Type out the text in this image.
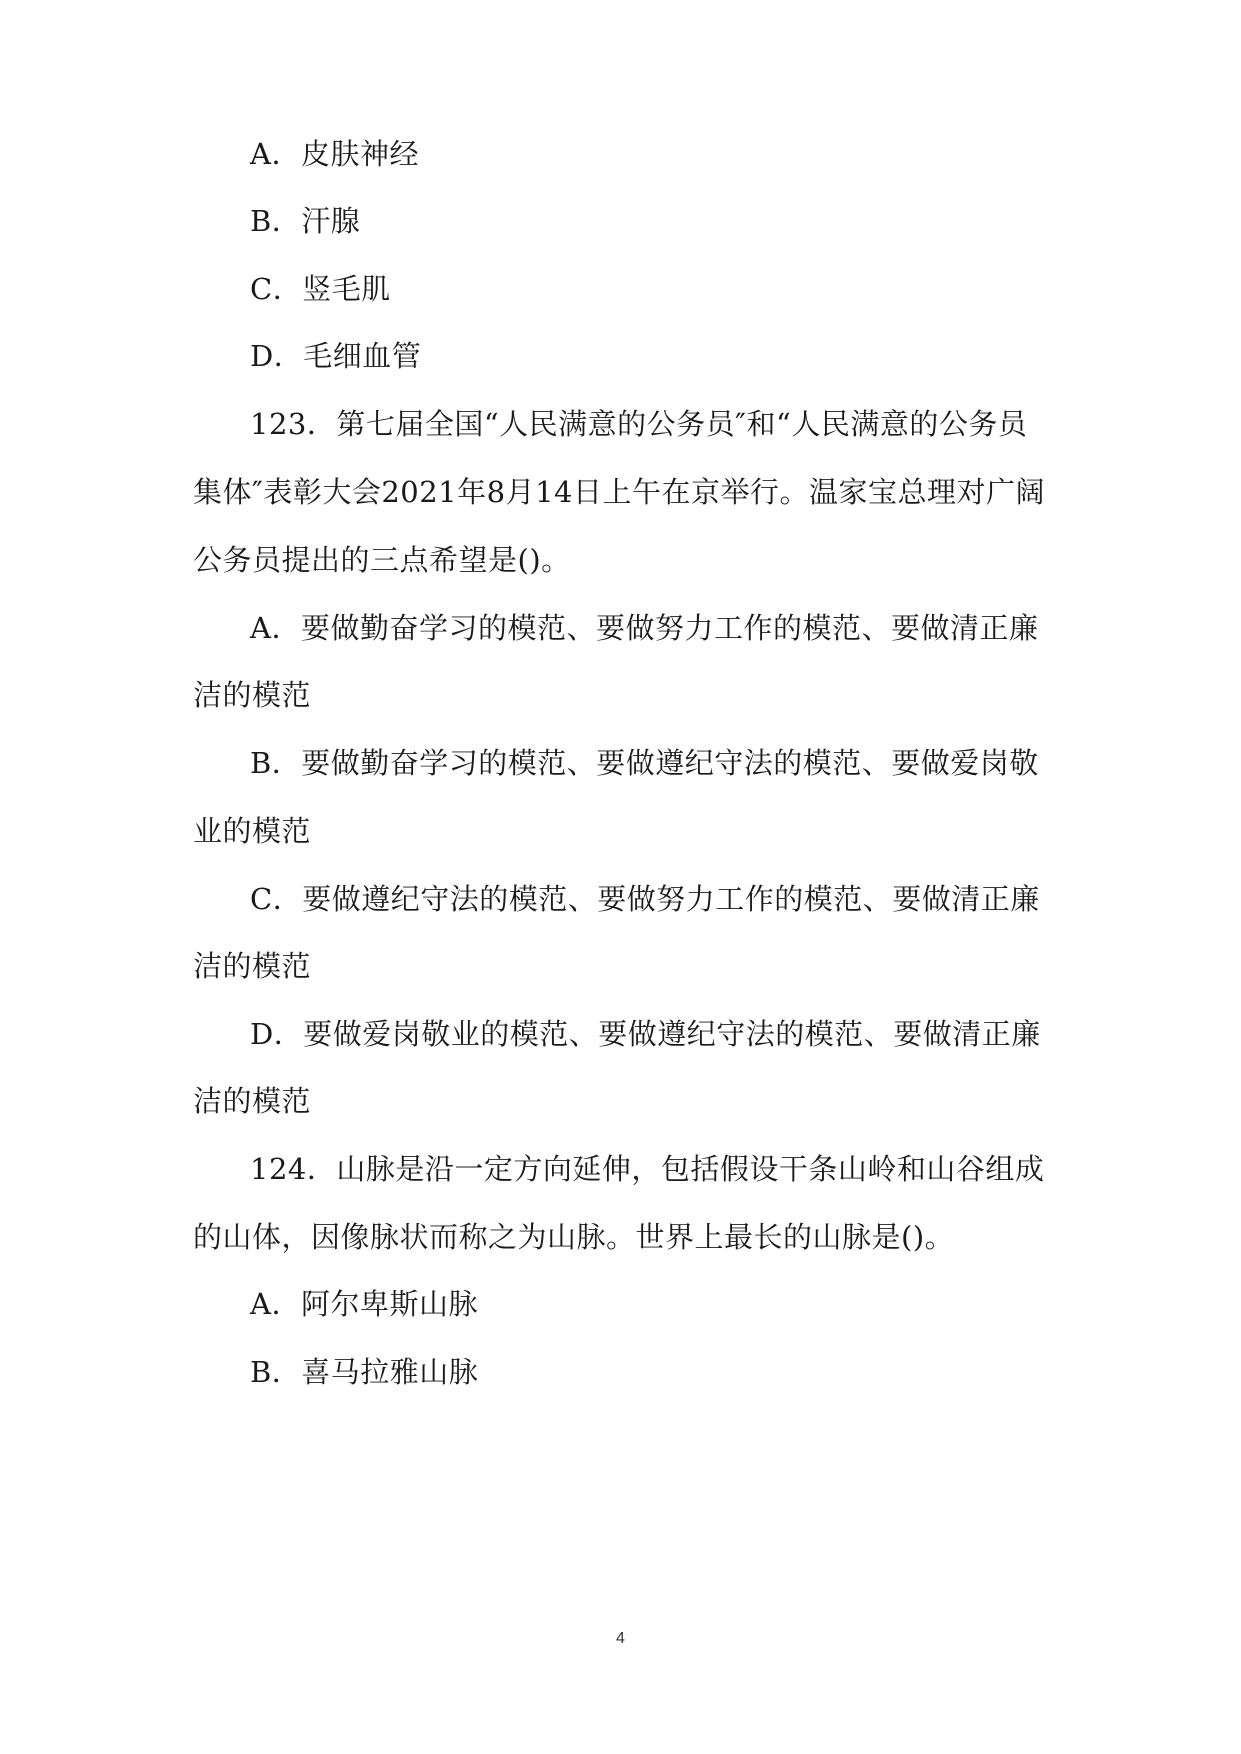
A．皮肤神经
B．汗腺
C．竖毛肌
D．毛细血管
123．第七届全国“人民满意的公务员″和“人民满意的公务员
集体″表彰大会2021年8月14日上午在京举行。温家宝总理对广阔
公务员提出的三点希望是()。
A．要做勤奋学习的模范、要做努力工作的模范、要做清正廉
洁的模范
B．要做勤奋学习的模范、要做遵纪守法的模范、要做爱岗敬
业的模范
C．要做遵纪守法的模范、要做努力工作的模范、要做清正廉
洁的模范
D．要做爱岗敬业的模范、要做遵纪守法的模范、要做清正廉
洁的模范
124．山脉是沿一定方向延伸，包括假设干条山岭和山谷组成
的山体，因像脉状而称之为山脉。世界上最长的山脉是()。
A．阿尔卑斯山脉
B．喜马拉雅山脉
4
